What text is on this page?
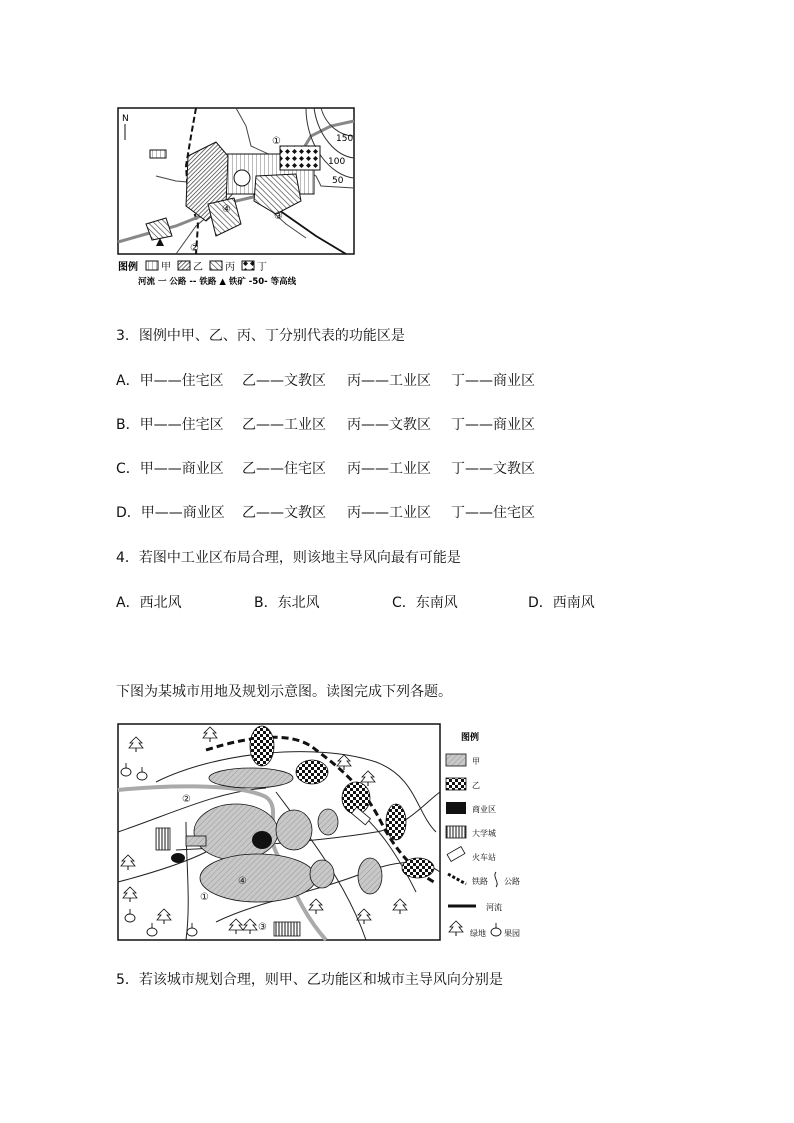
N
150
100
50
①
②
③
④
图例 甲 乙 丙 丁
河流 一 公路 -- 铁路 ▲ 铁矿 -50- 等高线
3．图例中甲、乙、丙、丁分别代表的功能区是
A．甲——住宅区 乙——文教区 丙——工业区 丁——商业区
B．甲——住宅区 乙——工业区 丙——文教区 丁——商业区
C．甲——商业区 乙——住宅区 丙——工业区 丁——文教区
D．甲——商业区 乙——文教区 丙——工业区 丁——住宅区
4．若图中工业区布局合理，则该地主导风向最有可能是
A．西北风	B．东北风	C．东南风	D．西南风
下图为某城市用地及规划示意图。读图完成下列各题。
②
①
③
④
图例
甲
乙
商业区
大学城
火车站
铁路 公路
河流
绿地 果园
5．若该城市规划合理，则甲、乙功能区和城市主导风向分别是
